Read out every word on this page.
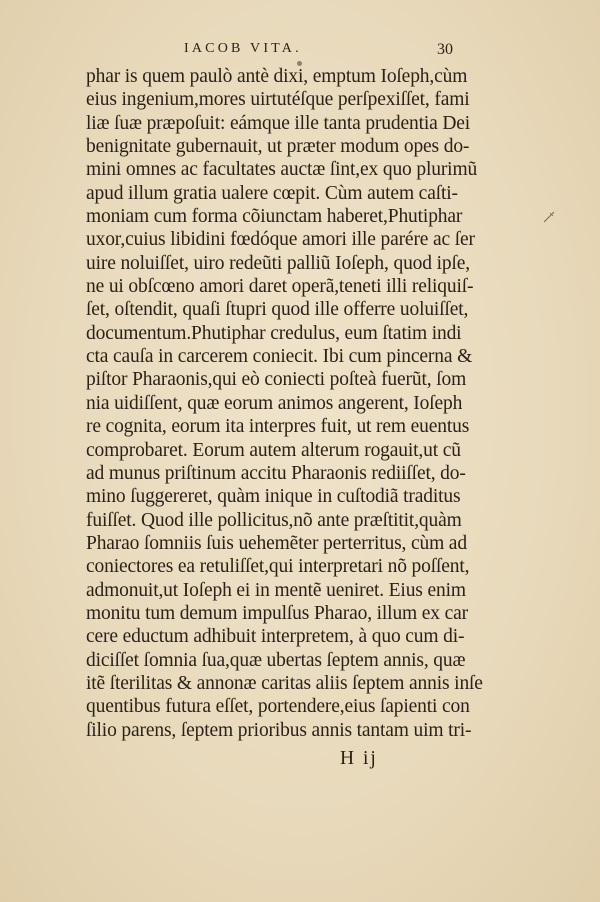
IACOB VITA.	30
phar is quem paulò antè dixi, emptum Ioſeph,cùm
eius ingenium,mores uirtutéſque perſpexiſſet, fami
liæ ſuæ præpoſuit: eámque ille tanta prudentia Dei
benignitate gubernauit, ut præter modum opes do-
mini omnes ac facultates auctæ ſint,ex quo plurimũ
apud illum gratia ualere cœpit. Cùm autem caſti-
moniam cum forma cõiunctam haberet,Phutiphar
uxor,cuius libidini fœdóque amori ille parére ac ſer
uire noluiſſet, uiro redeũti palliũ Ioſeph, quod ipſe,
ne ui obſcœno amori daret operã,teneti illi reliquiſ-
ſet, oſtendit, quaſi ſtupri quod ille offerre uoluiſſet,
documentum.Phutiphar credulus, eum ſtatim indi
cta cauſa in carcerem coniecit. Ibi cum pincerna &
piſtor Pharaonis,qui eò coniecti poſteà fuerũt, ſom
nia uidiſſent, quæ eorum animos angerent, Ioſeph
re cognita, eorum ita interpres fuit, ut rem euentus
comprobaret. Eorum autem alterum rogauit,ut cũ
ad munus priſtinum accitu Pharaonis rediiſſet, do-
mino ſuggereret, quàm inique in cuſtodiã traditus
fuiſſet. Quod ille pollicitus,nõ ante præſtitit,quàm
Pharao ſomniis ſuis uehemẽter perterritus, cùm ad
coniectores ea retuliſſet,qui interpretari nõ poſſent,
admonuit,ut Ioſeph ei in mentẽ ueniret. Eius enim
monitu tum demum impulſus Pharao, illum ex car
cere eductum adhibuit interpretem, à quo cum di-
diciſſet ſomnia ſua,quæ ubertas ſeptem annis, quæ
itẽ ſterilitas & annonæ caritas aliis ſeptem annis inſe
quentibus futura eſſet, portendere,eius ſapienti con
ſilio parens, ſeptem prioribus annis tantam uim tri-
H ij
